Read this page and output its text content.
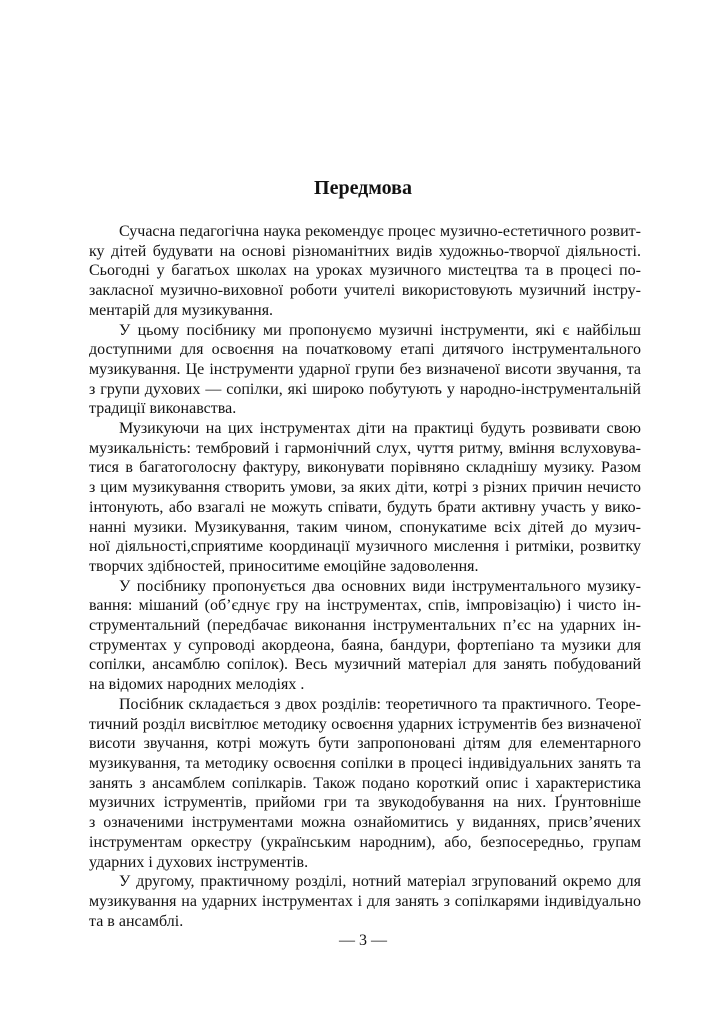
Передмова

Сучасна педагогічна наука рекомендує процес музично-естетичного розвит-
ку дітей будувати на основі різноманітних видів художньо-творчої діяльності.
Сьогодні у багатьох школах на уроках музичного мистецтва та в процесі по-
закласної музично-виховної роботи учителі використовують музичний інстру-
ментарій для музикування.

У цьому посібнику ми пропонуємо музичні інструменти, які є найбільш
доступними для освоєння на початковому етапі дитячого інструментального
музикування. Це інструменти ударної групи без визначеної висоти звучання, та
з групи духових — сопілки, які широко побутують у народно-інструментальній
традиції виконавства.

Музикуючи на цих інструментах діти на практиці будуть розвивати свою
музикальність: тембровий і гармонічний слух, чуття ритму, вміння вслуховува-
тися в багатоголосну фактуру, виконувати порівняно складнішу музику. Разом
з цим музикування створить умови, за яких діти, котрі з різних причин нечисто
інтонують, або взагалі не можуть співати, будуть брати активну участь у вико-
нанні музики. Музикування, таким чином, спонукатиме всіх дітей до музич-
ної діяльності,сприятиме координації музичного мислення і ритміки, розвитку
творчих здібностей, приноситиме емоційне задоволення.

У посібнику пропонується два основних види інструментального музику-
вання: мішаний (об’єднує гру на інструментах, спів, імпровізацію) і чисто ін-
струментальний (передбачає виконання інструментальних п’єс на ударних ін-
струментах у супроводі акордеона, баяна, бандури, фортепіано та музики для
сопілки, ансамблю сопілок). Весь музичний матеріал для занять побудований
на відомих народних мелодіях .

Посібник складається з двох розділів: теоретичного та практичного. Теоре-
тичний розділ висвітлює методику освоєння ударних іструментів без визначеної
висоти звучання, котрі можуть бути запропоновані дітям для елементарного
музикування, та методику освоєння сопілки в процесі індивідуальних занять та
занять з ансамблем сопілкарів. Також подано короткий опис і характеристика
музичних іструментів, прийоми гри та звукодобування на них. Ґрунтовніше
з означеними інструментами можна ознайомитись у виданнях, присв’ячених
інструментам оркестру (українським народним), або, безпосередньо, групам
ударних і духових інструментів.

У другому, практичному розділі, нотний матеріал згрупований окремо для
музикування на ударних інструментах і для занять з сопілкарями індивідуально
та в ансамблі.

— 3 —
